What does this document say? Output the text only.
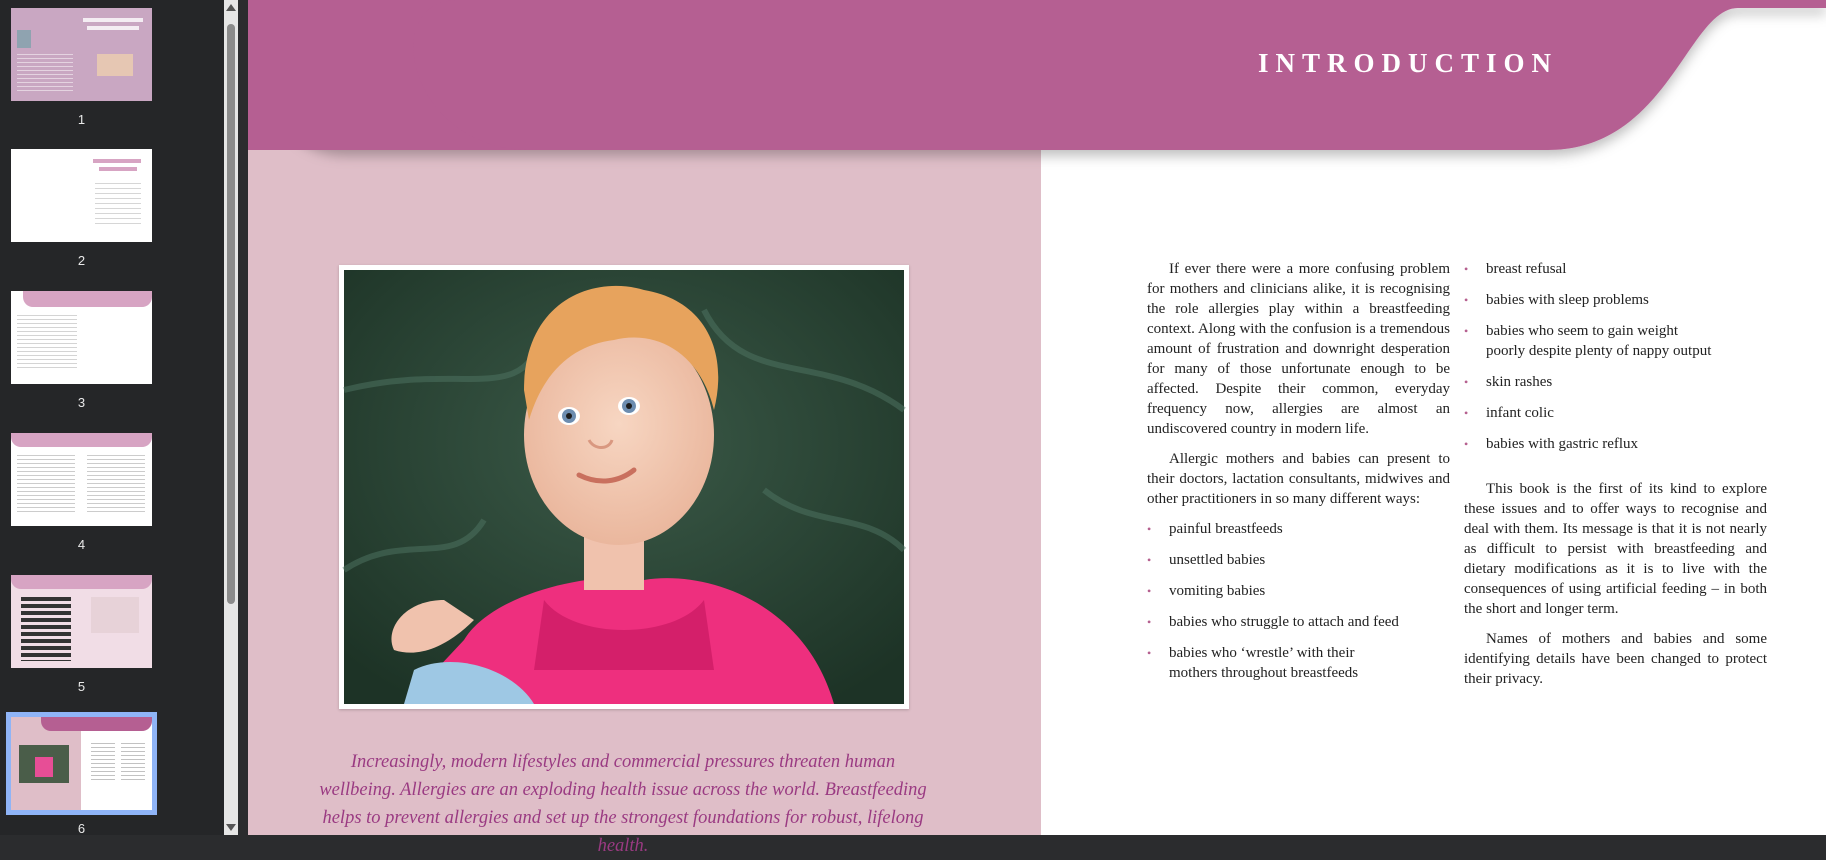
1
2
3
4
5
6
INTRODUCTION
Increasingly, modern lifestyles and commercial pressures threaten human wellbeing. Allergies are an exploding health issue across the world. Breastfeeding helps to prevent allergies and set up the strongest foundations for robust, lifelong health.

If ever there were a more confusing problem for mothers and clinicians alike, it is recognising the role allergies play within a breastfeeding context. Along with the confusion is a tremendous amount of frustration and downright desperation for many of those unfortunate enough to be affected. Despite their common, everyday frequency now, allergies are almost an undiscovered country in modern life.

Allergic mothers and babies can present to their doctors, lactation consultants, midwives and other practitioners in so many different ways:

• painful breastfeeds
• unsettled babies
• vomiting babies
• babies who struggle to attach and feed
• babies who ‘wrestle’ with their mothers throughout breastfeeds
• breast refusal
• babies with sleep problems
• babies who seem to gain weight poorly despite plenty of nappy output
• skin rashes
• infant colic
• babies with gastric reflux

This book is the first of its kind to explore these issues and to offer ways to recognise and deal with them. Its message is that it is not nearly as difficult to persist with breastfeeding and dietary modifications as it is to live with the consequences of using artificial feeding – in both the short and longer term.

Names of mothers and babies and some identifying details have been changed to protect their privacy.
